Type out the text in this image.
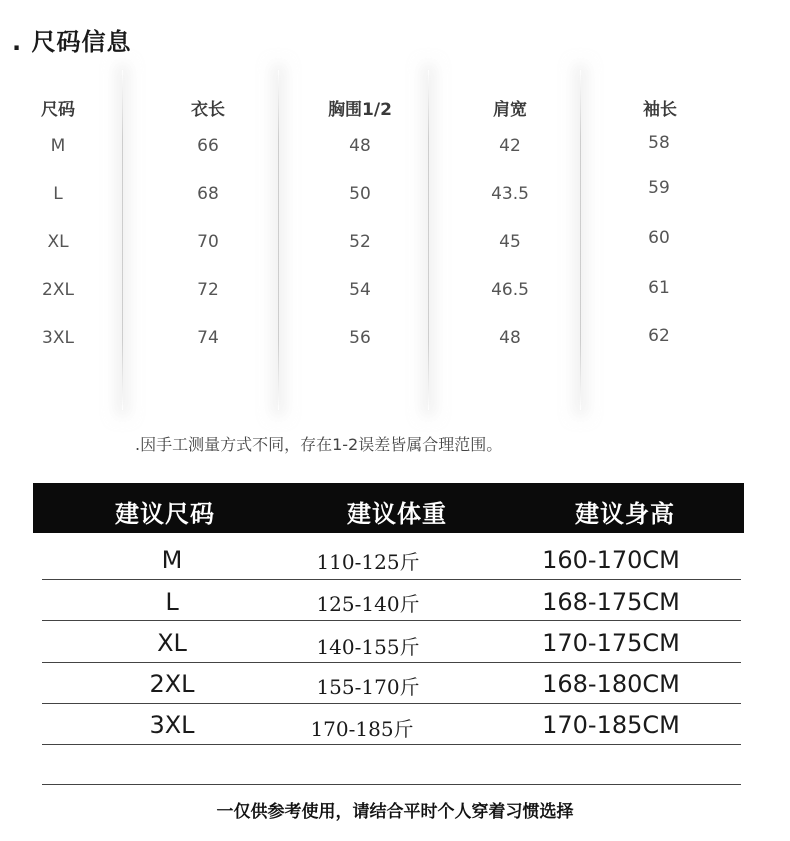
. 尺码信息
尺码	衣长	胸围1/2	肩宽	袖长
M	66	48	42	58
L	68	50	43.5	59
XL	70	52	45	60
2XL	72	54	46.5	61
3XL	74	56	48	62
.因手工测量方式不同，存在1-2误差皆属合理范围。
建议尺码	建议体重	建议身高
M	110-125斤	160-170CM
L	125-140斤	168-175CM
XL	140-155斤	170-175CM
2XL	155-170斤	168-180CM
3XL	170-185斤	170-185CM
一仅供参考使用，请结合平时个人穿着习惯选择
